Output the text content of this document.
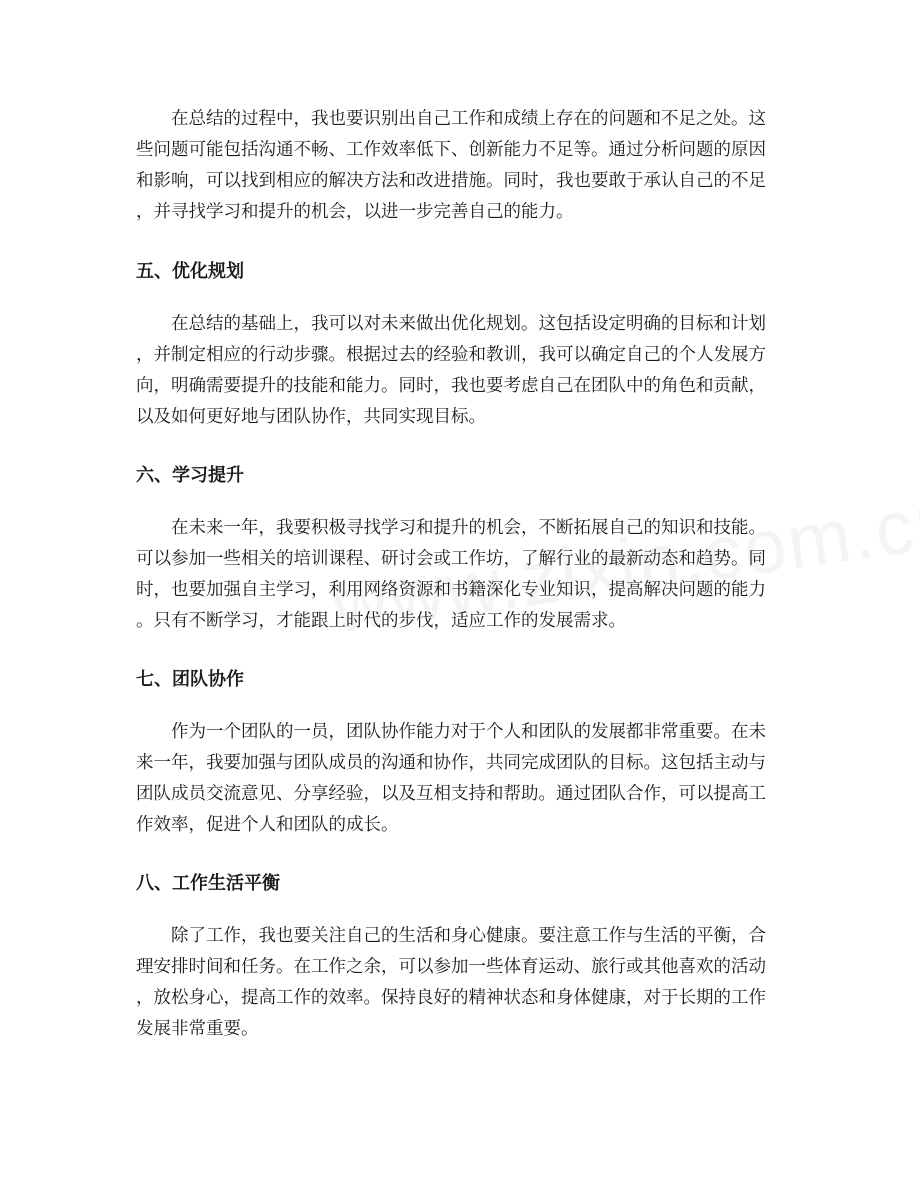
　　在总结的过程中，我也要识别出自己工作和成绩上存在的问题和不足之处。这
些问题可能包括沟通不畅、工作效率低下、创新能力不足等。通过分析问题的原因
和影响，可以找到相应的解决方法和改进措施。同时，我也要敢于承认自己的不足
，并寻找学习和提升的机会，以进一步完善自己的能力。

五、优化规划

　　在总结的基础上，我可以对未来做出优化规划。这包括设定明确的目标和计划
，并制定相应的行动步骤。根据过去的经验和教训，我可以确定自己的个人发展方
向，明确需要提升的技能和能力。同时，我也要考虑自己在团队中的角色和贡献，
以及如何更好地与团队协作，共同实现目标。

六、学习提升

　　在未来一年，我要积极寻找学习和提升的机会，不断拓展自己的知识和技能。
可以参加一些相关的培训课程、研讨会或工作坊，了解行业的最新动态和趋势。同
时，也要加强自主学习，利用网络资源和书籍深化专业知识，提高解决问题的能力
。只有不断学习，才能跟上时代的步伐，适应工作的发展需求。

七、团队协作

　　作为一个团队的一员，团队协作能力对于个人和团队的发展都非常重要。在未
来一年，我要加强与团队成员的沟通和协作，共同完成团队的目标。这包括主动与
团队成员交流意见、分享经验，以及互相支持和帮助。通过团队合作，可以提高工
作效率，促进个人和团队的成长。

八、工作生活平衡

　　除了工作，我也要关注自己的生活和身心健康。要注意工作与生活的平衡，合
理安排时间和任务。在工作之余，可以参加一些体育运动、旅行或其他喜欢的活动
，放松身心，提高工作的效率。保持良好的精神状态和身体健康，对于长期的工作
发展非常重要。
